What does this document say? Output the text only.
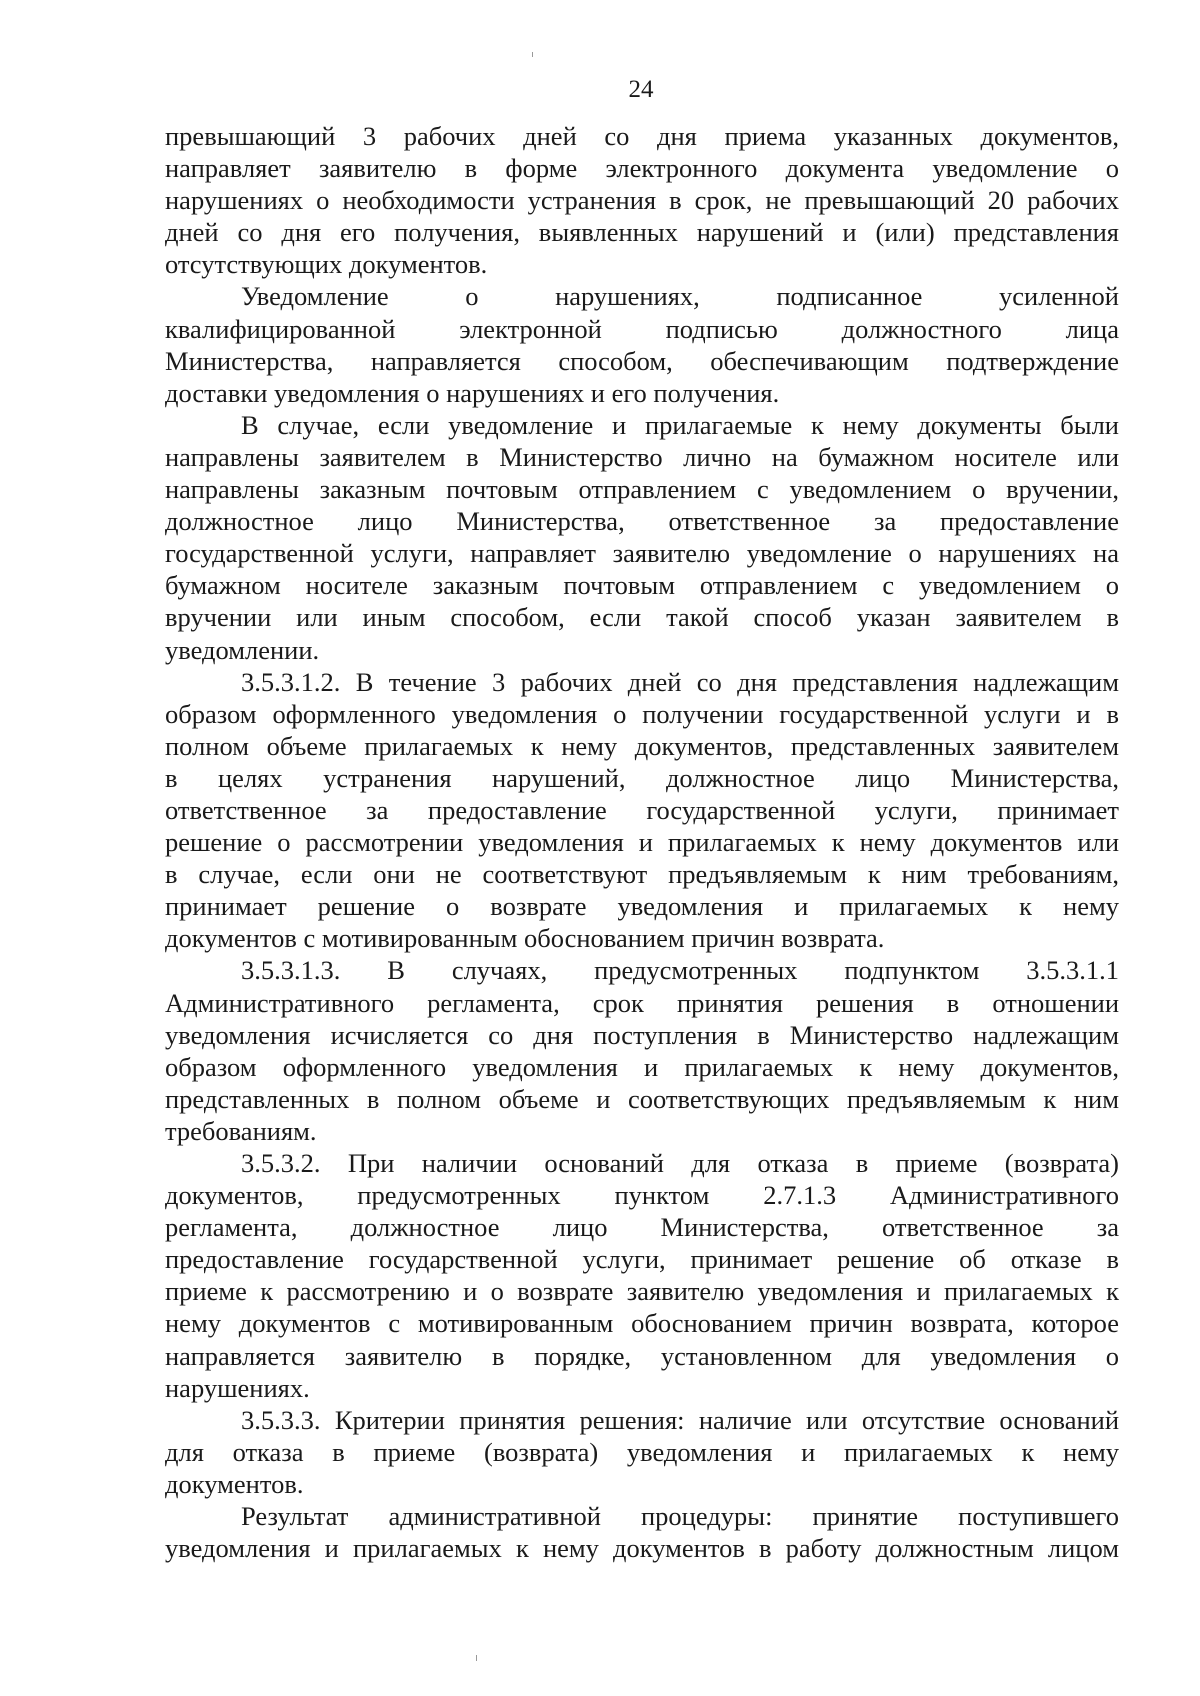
24

превышающий 3 рабочих дней со дня приема указанных документов,
направляет заявителю в форме электронного документа уведомление о
нарушениях о необходимости устранения в срок, не превышающий 20 рабочих
дней со дня его получения, выявленных нарушений и (или) представления
отсутствующих документов.

Уведомление о нарушениях, подписанное усиленной
квалифицированной электронной подписью должностного лица
Министерства, направляется способом, обеспечивающим подтверждение
доставки уведомления о нарушениях и его получения.

В случае, если уведомление и прилагаемые к нему документы были
направлены заявителем в Министерство лично на бумажном носителе или
направлены заказным почтовым отправлением с уведомлением о вручении,
должностное лицо Министерства, ответственное за предоставление
государственной услуги, направляет заявителю уведомление о нарушениях на
бумажном носителе заказным почтовым отправлением с уведомлением о
вручении или иным способом, если такой способ указан заявителем в
уведомлении.

3.5.3.1.2. В течение 3 рабочих дней со дня представления надлежащим
образом оформленного уведомления о получении государственной услуги и в
полном объеме прилагаемых к нему документов, представленных заявителем
в целях устранения нарушений, должностное лицо Министерства,
ответственное за предоставление государственной услуги, принимает
решение о рассмотрении уведомления и прилагаемых к нему документов или
в случае, если они не соответствуют предъявляемым к ним требованиям,
принимает решение о возврате уведомления и прилагаемых к нему
документов с мотивированным обоснованием причин возврата.

3.5.3.1.3. В случаях, предусмотренных подпунктом 3.5.3.1.1
Административного регламента, срок принятия решения в отношении
уведомления исчисляется со дня поступления в Министерство надлежащим
образом оформленного уведомления и прилагаемых к нему документов,
представленных в полном объеме и соответствующих предъявляемым к ним
требованиям.

3.5.3.2. При наличии оснований для отказа в приеме (возврата)
документов, предусмотренных пунктом 2.7.1.3 Административного
регламента, должностное лицо Министерства, ответственное за
предоставление государственной услуги, принимает решение об отказе в
приеме к рассмотрению и о возврате заявителю уведомления и прилагаемых к
нему документов с мотивированным обоснованием причин возврата, которое
направляется заявителю в порядке, установленном для уведомления о
нарушениях.

3.5.3.3. Критерии принятия решения: наличие или отсутствие оснований
для отказа в приеме (возврата) уведомления и прилагаемых к нему
документов.

Результат административной процедуры: принятие поступившего
уведомления и прилагаемых к нему документов в работу должностным лицом
